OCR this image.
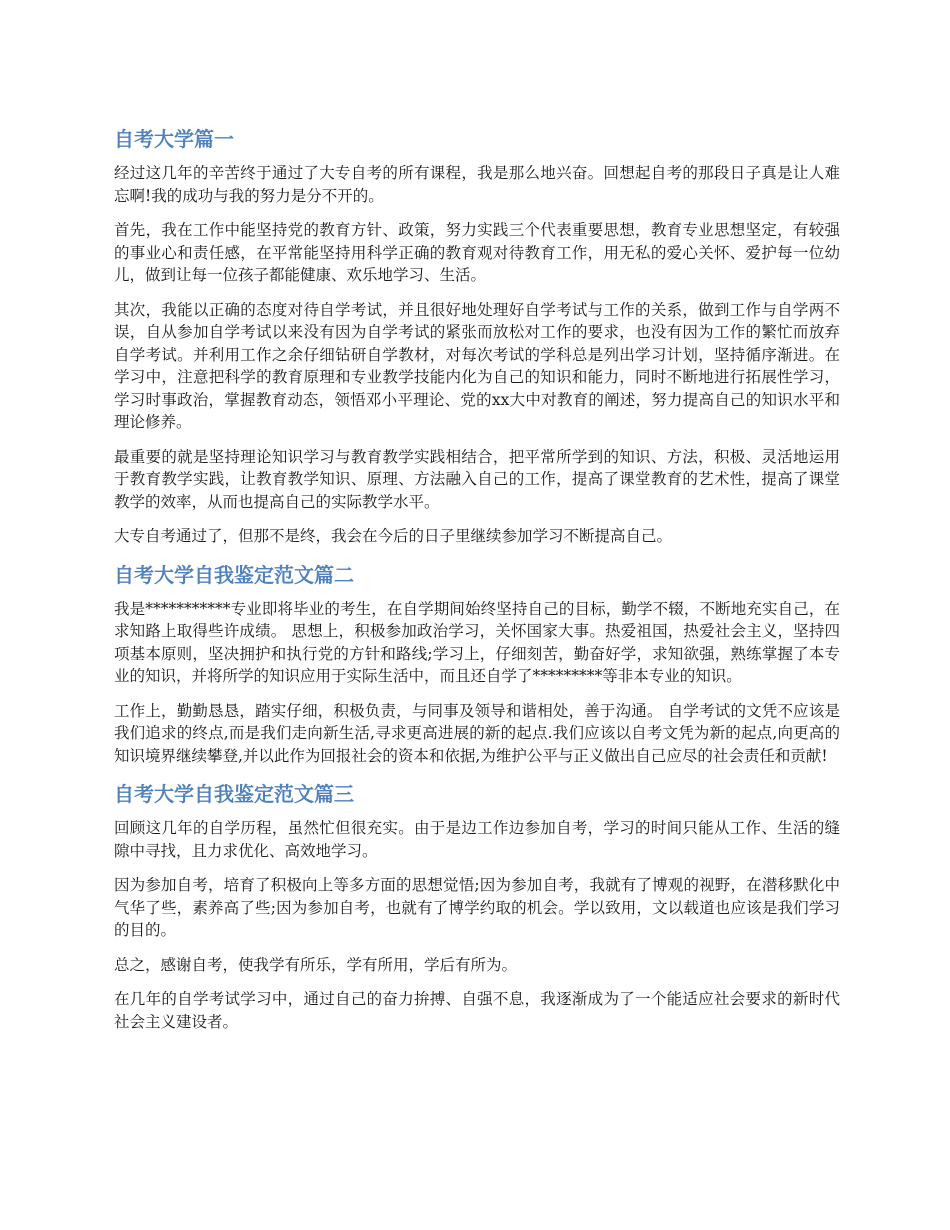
自考大学篇一

经过这几年的辛苦终于通过了大专自考的所有课程，我是那么地兴奋。回想起自考的那段日子真是让人难忘啊!我的成功与我的努力是分不开的。

首先，我在工作中能坚持党的教育方针、政策，努力实践三个代表重要思想，教育专业思想坚定，有较强的事业心和责任感，在平常能坚持用科学正确的教育观对待教育工作，用无私的爱心关怀、爱护每一位幼儿，做到让每一位孩子都能健康、欢乐地学习、生活。

其次，我能以正确的态度对待自学考试，并且很好地处理好自学考试与工作的关系，做到工作与自学两不误，自从参加自学考试以来没有因为自学考试的紧张而放松对工作的要求，也没有因为工作的繁忙而放弃自学考试。并利用工作之余仔细钻研自学教材，对每次考试的学科总是列出学习计划，坚持循序渐进。在学习中，注意把科学的教育原理和专业教学技能内化为自己的知识和能力，同时不断地进行拓展性学习，学习时事政治，掌握教育动态，领悟邓小平理论、党的xx大中对教育的阐述，努力提高自己的知识水平和理论修养。

最重要的就是坚持理论知识学习与教育教学实践相结合，把平常所学到的知识、方法，积极、灵活地运用于教育教学实践，让教育教学知识、原理、方法融入自己的工作，提高了课堂教育的艺术性，提高了课堂教学的效率，从而也提高自己的实际教学水平。

大专自考通过了，但那不是终，我会在今后的日子里继续参加学习不断提高自己。

自考大学自我鉴定范文篇二

我是***********专业即将毕业的考生，在自学期间始终坚持自己的目标，勤学不辍，不断地充实自己，在求知路上取得些许成绩。 思想上，积极参加政治学习，关怀国家大事。热爱祖国，热爱社会主义，坚持四项基本原则，坚决拥护和执行党的方针和路线;学习上，仔细刻苦，勤奋好学，求知欲强，熟练掌握了本专业的知识，并将所学的知识应用于实际生活中，而且还自学了*********等非本专业的知识。

工作上，勤勤恳恳，踏实仔细，积极负责，与同事及领导和谐相处，善于沟通。 自学考试的文凭不应该是我们追求的终点,而是我们走向新生活,寻求更高进展的新的起点.我们应该以自考文凭为新的起点,向更高的知识境界继续攀登,并以此作为回报社会的资本和依据,为维护公平与正义做出自己应尽的社会责任和贡献!

自考大学自我鉴定范文篇三

回顾这几年的自学历程，虽然忙但很充实。由于是边工作边参加自考，学习的时间只能从工作、生活的缝隙中寻找，且力求优化、高效地学习。

因为参加自考，培育了积极向上等多方面的思想觉悟;因为参加自考，我就有了博观的视野，在潜移默化中气华了些，素养高了些;因为参加自考，也就有了博学约取的机会。学以致用，文以载道也应该是我们学习的目的。

总之，感谢自考，使我学有所乐，学有所用，学后有所为。

在几年的自学考试学习中，通过自己的奋力拚搏、自强不息，我逐渐成为了一个能适应社会要求的新时代社会主义建设者。
